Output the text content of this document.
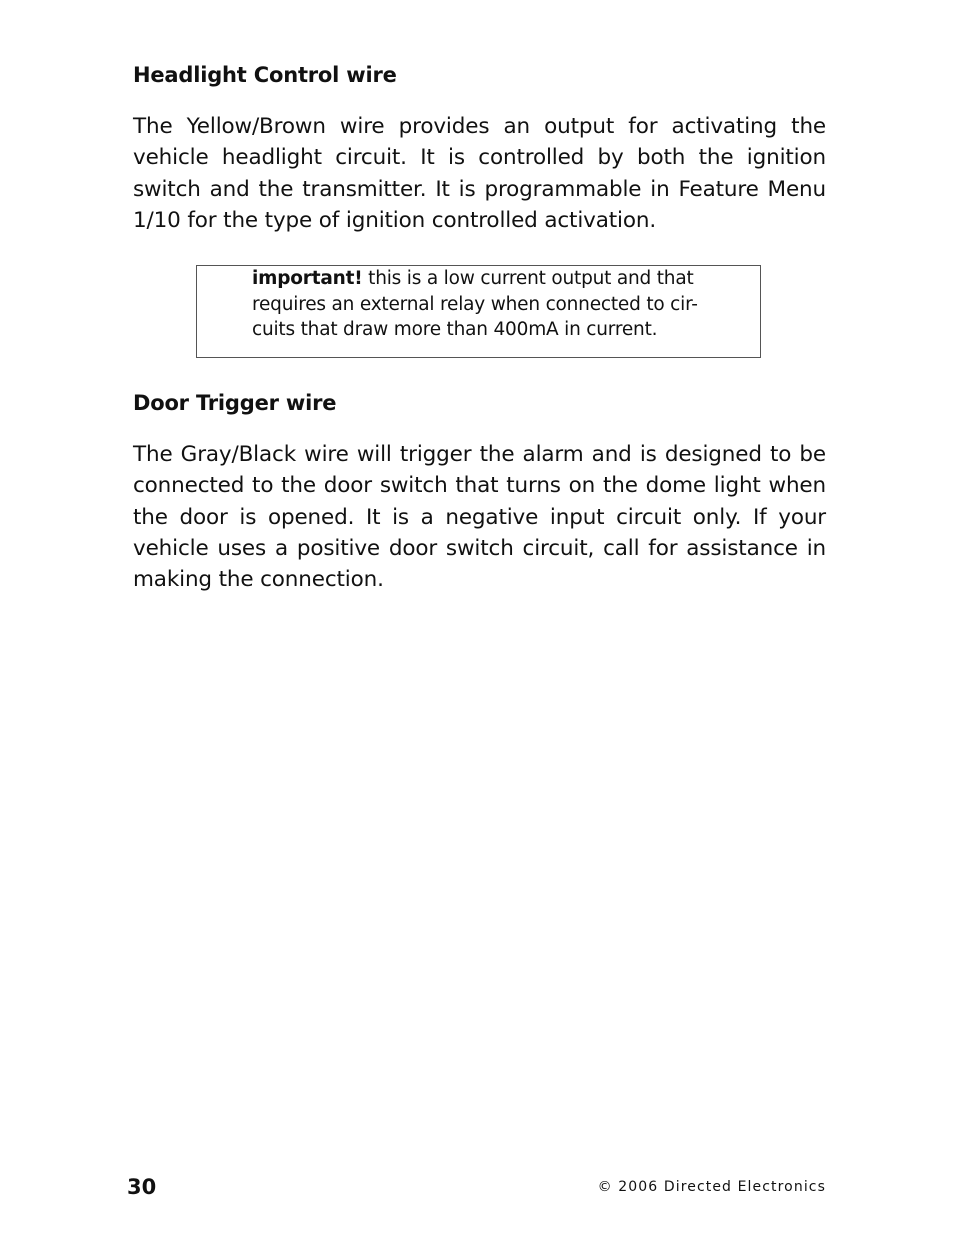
Headlight Control wire

The Yellow/Brown wire provides an output for activating the vehicle headlight circuit. It is controlled by both the ignition switch and the transmitter. It is programmable in Feature Menu 1/10 for the type of ignition controlled activation.

important! this is a low current output and that
requires an external relay when connected to cir-
cuits that draw more than 400mA in current.

Door Trigger wire

The Gray/Black wire will trigger the alarm and is designed to be connected to the door switch that turns on the dome light when the door is opened. It is a negative input circuit only. If your vehicle uses a positive door switch circuit, call for assistance in making the connection.

30	© 2006 Directed Electronics
